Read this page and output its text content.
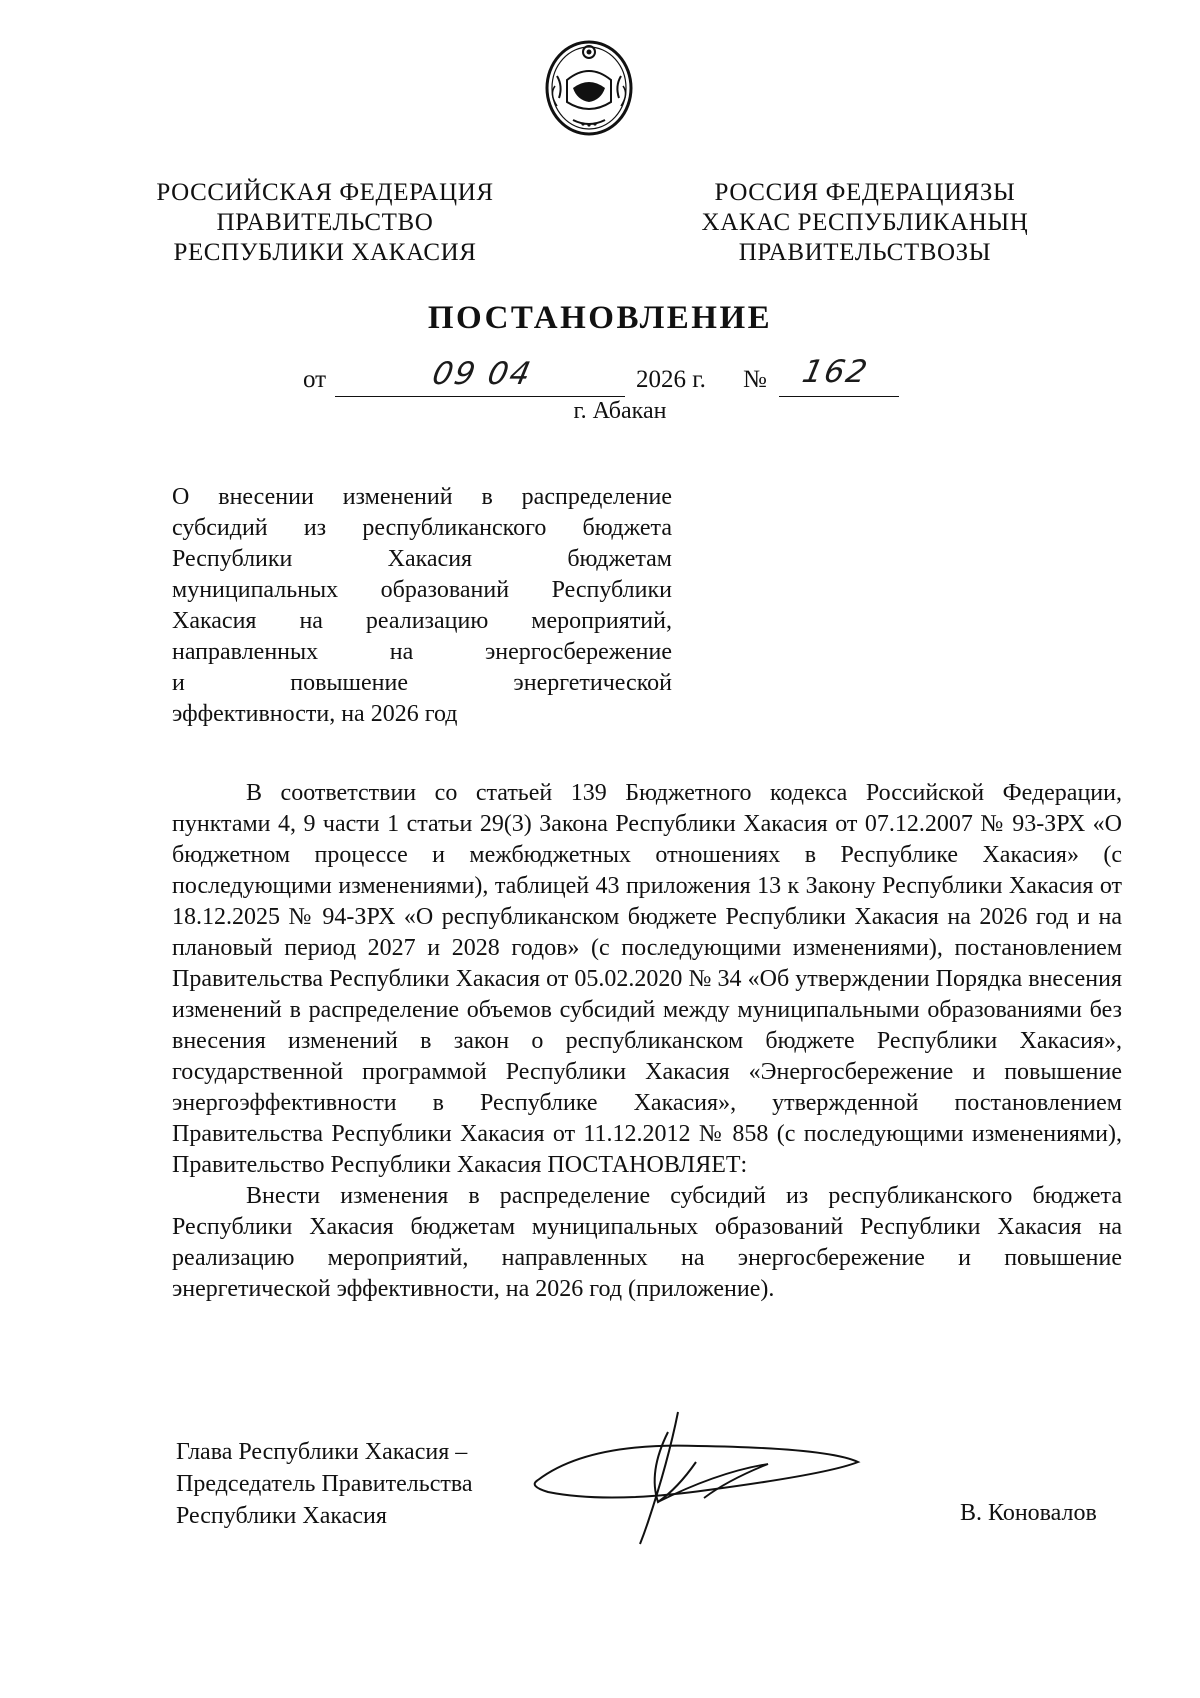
РОССИЙСКАЯ ФЕДЕРАЦИЯ
ПРАВИТЕЛЬСТВО
РЕСПУБЛИКИ ХАКАСИЯ
РОССИЯ ФЕДЕРАЦИЯЗЫ
ХАКАС РЕСПУБЛИКАНЫҢ
ПРАВИТЕЛЬСТВОЗЫ
ПОСТАНОВЛЕНИЕ
от	09 04	2026 г. № 162
г. Абакан
О внесении изменений в распределение
субсидий из республиканского бюджета
Республики Хакасия бюджетам
муниципальных образований Республики
Хакасия на реализацию мероприятий,
направленных на энергосбережение
и повышение энергетической
эффективности, на 2026 год

В соответствии со статьей 139 Бюджетного кодекса Российской Федерации, пунктами 4, 9 части 1 статьи 29(3) Закона Республики Хакасия от 07.12.2007 № 93-ЗРХ «О бюджетном процессе и межбюджетных отношениях в Республике Хакасия» (с последующими изменениями), таблицей 43 приложения 13 к Закону Республики Хакасия от 18.12.2025 № 94-ЗРХ «О республиканском бюджете Республики Хакасия на 2026 год и на плановый период 2027 и 2028 годов» (с последующими изменениями), постановлением Правительства Республики Хакасия от 05.02.2020 № 34 «Об утверждении Порядка внесения изменений в распределение объемов субсидий между муниципальными образованиями без внесения изменений в закон о республиканском бюджете Республики Хакасия», государственной программой Республики Хакасия «Энергосбережение и повышение энергоэффективности в Республике Хакасия», утвержденной постановлением Правительства Республики Хакасия от 11.12.2012 № 858 (с последующими изменениями), Правительство Республики Хакасия ПОСТАНОВЛЯЕТ:

Внести изменения в распределение субсидий из республиканского бюджета Республики Хакасия бюджетам муниципальных образований Республики Хакасия на реализацию мероприятий, направленных на энергосбережение и повышение энергетической эффективности, на 2026 год (приложение).

Глава Республики Хакасия –
Председатель Правительства
Республики Хакасия	В. Коновалов
